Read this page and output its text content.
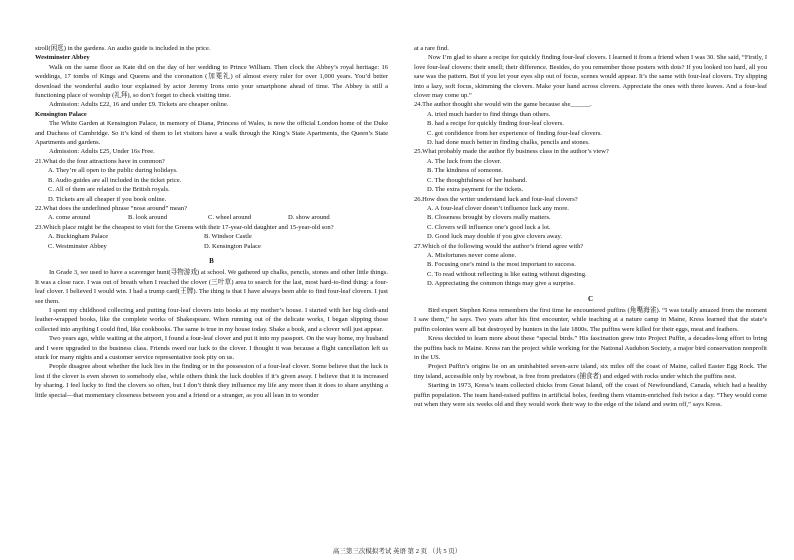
stroll(闲逛) in the gardens. An audio guide is included in the price.

Westminster Abbey

Walk on the same floor as Kate did on the day of her wedding to Prince William. Then clock the Abbey’s royal heritage: 16 weddings, 17 tombs of Kings and Queens and the coronation (加冕礼) of almost every ruler for over 1,000 years. You’d better download the wonderful audio tour explained by actor Jeremy Irons onto your smartphone ahead of time. The Abbey is still a functioning place of worship (礼拜), so don’t forget to check visiting time.

Admission: Adults £22, 16 and under £9. Tickets are cheaper online.

Kensington Palace

The White Garden at Kensington Palace, in memory of Diana, Princess of Wales, is now the official London home of the Duke and Duchess of Cambridge. So it’s kind of them to let visitors have a walk through the King’s State Apartments, the Queen’s State Apartments and gardens.

Admission: Adults £25, Under 16s Free.

21.What do the four attractions have in common?

A. They’re all open to the public during holidays.

B. Audio guides are all included in the ticket price.

C. All of them are related to the British royals.

D. Tickets are all cheaper if you book online.

22.What does the underlined phrase “nose around” mean?

A. come around	B. look around	C. wheel around	D. show around

23.Which place might be the cheapest to visit for the Greens with their 17-year-old daughter and 15-year-old son?

A. Buckingham Palace	B. Windsor Castle
C. Westminster Abbey	D. Kensington Palace
B

In Grade 3, we used to have a scavenger hunt(寻物游戏) at school. We gathered up chalks, pencils, stones and other little things. It was a close race. I was out of breath when I reached the clover (三叶草) area to search for the last, most hard-to-find thing: a four-leaf clover. I believed I would win. I had a trump card(王牌). The thing is that I have always been able to find four-leaf clovers. I just see them.

I spent my childhood collecting and putting four-leaf clovers into books at my mother’s house. I started with her big cloth-and leather-wrapped books, like the complete works of Shakespeare. When running out of the delicate works, I began slipping those collected into anything I could find, like cookbooks. The same is true in my house today. Shake a book, and a clover will just appear.

Two years ago, while waiting at the airport, I found a four-leaf clover and put it into my passport. On the way home, my husband and I were upgraded to the business class. Friends owed our luck to the clover. I thought it was because a flight cancellation left us stuck for many nights and a customer service representative took pity on us.

People disagree about whether the luck lies in the finding or in the possession of a four-leaf clover. Some believe that the luck is lost if the clover is even shown to somebody else, while others think the luck doubles if it’s given away. I believe that it is increased by sharing. I feel lucky to find the clovers so often, but I don’t think they influence my life any more than it does to share anything a little special—that momentary closeness between you and a friend or a stranger, as you all lean in to wonder

at a rare find.

Now I’m glad to share a recipe for quickly finding four-leaf clovers. I learned it from a friend when I was 30. She said, “Firstly, I love four-leaf clovers: their smell; their difference. Besides, do you remember those posters with dots? If you looked too hard, all you saw was the pattern. But if you let your eyes slip out of focus, scenes would appear. It’s the same with four-leaf clovers. Try slipping into a lazy, soft focus, skimming the clovers. Make your hand across clovers. Appreciate the ones with three leaves. And a four-leaf clover may come up.”

24.The author thought she would win the game because she______.

A. tried much harder to find things than others.

B. had a recipe for quickly finding four-leaf clovers.

C. got confidence from her experience of finding four-leaf clovers.

D. had done much better in finding chalks, pencils and stones.

25.What probably made the author fly business class in the author’s view?

A. The luck from the clover.

B. The kindness of someone.

C. The thoughtfulness of her husband.

D. The extra payment for the tickets.

26.How does the writer understand luck and four-leaf clovers?

A. A four-leaf clover doesn’t influence luck any more.

B. Closeness brought by clovers really matters.

C. Clovers will influence one’s good luck a lot.

D. Good luck may double if you give clovers away.

27.Which of the following would the author’s friend agree with?

A. Misfortunes never come alone.

B. Focusing one’s mind is the most important to success.

C. To read without reflecting is like eating without digesting.

D. Appreciating the common things may give a surprise.

C

Bird expert Stephen Kress remembers the first time he encountered puffins (角嘴海雀). “I was totally amazed from the moment I saw them,” he says. Two years after his first encounter, while teaching at a nature camp in Maine, Kress learned that the state’s puffin colonies were all but destroyed by hunters in the late 1800s. The puffins were killed for their eggs, meat and feathers.

Kress decided to learn more about these “special birds.” His fascination grew into Project Puffin, a decades-long effort to bring the puffins back to Maine. Kress ran the project while working for the National Audubon Society, a major bird conservation nonprofit in the US.

Project Puffin’s origins lie on an uninhabited seven-acre island, six miles off the coast of Maine, called Easter Egg Rock. The tiny island, accessible only by rowboat, is free from predators (捕食者) and edged with rocks under which the puffins nest.

Starting in 1973, Kress’s team collected chicks from Great Island, off the coast of Newfoundland, Canada, which had a healthy puffin population. The team hand-raised puffins in artificial holes, feeding them vitamin-enriched fish twice a day. “They would come out when they were six weeks old and they would work their way to the edge of the island and swim off,” says Kress.

高三第三次模拟考试 英语 第 2 页 （共 5 页）
